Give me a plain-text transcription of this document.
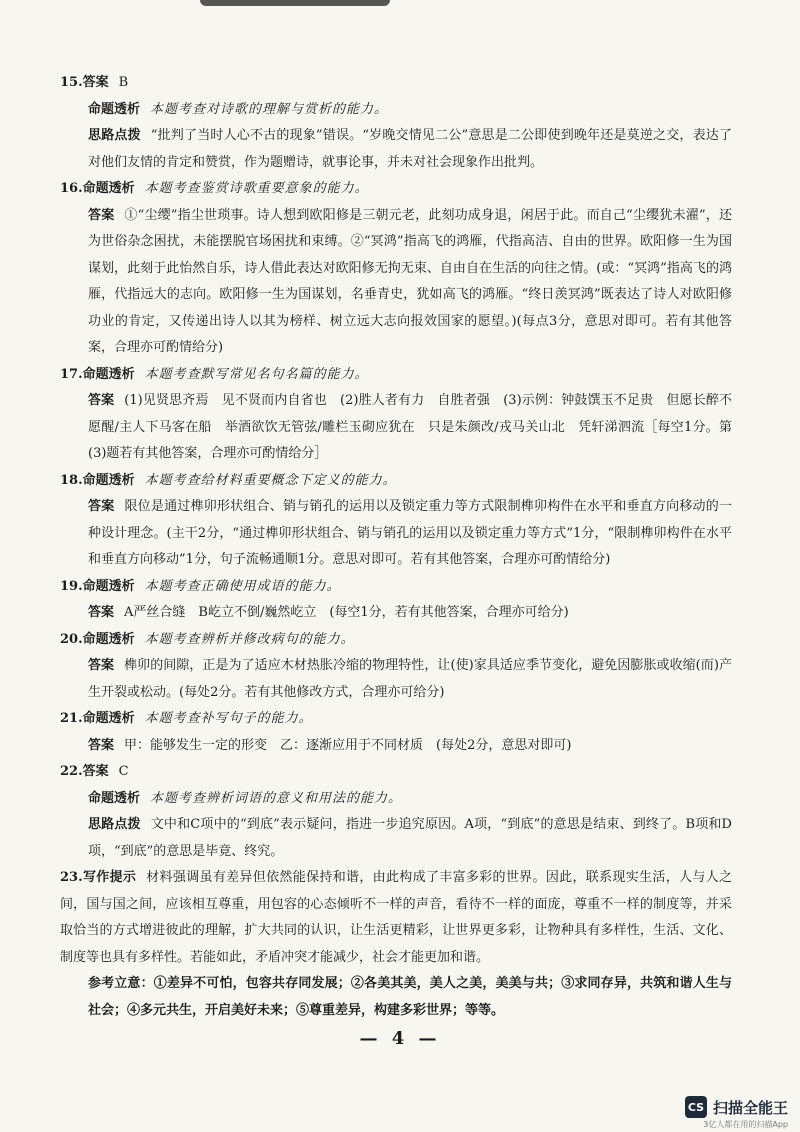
15.答案 B

命题透析 本题考查对诗歌的理解与赏析的能力。

思路点拨 “批判了当时人心不古的现象”错误。“岁晚交情见二公”意思是二公即使到晚年还是莫逆之交，表达了对他们友情的肯定和赞赏，作为题赠诗，就事论事，并未对社会现象作出批判。

16.命题透析 本题考查鉴赏诗歌重要意象的能力。

答案 ①“尘缨”指尘世琐事。诗人想到欧阳修是三朝元老，此刻功成身退，闲居于此。而自己“尘缨犹未濯”，还为世俗杂念困扰，未能摆脱官场困扰和束缚。②“冥鸿”指高飞的鸿雁，代指高洁、自由的世界。欧阳修一生为国谋划，此刻于此怡然自乐，诗人借此表达对欧阳修无拘无束、自由自在生活的向往之情。(或：“冥鸿”指高飞的鸿雁，代指远大的志向。欧阳修一生为国谋划，名垂青史，犹如高飞的鸿雁。“终日羡冥鸿”既表达了诗人对欧阳修功业的肯定，又传递出诗人以其为榜样、树立远大志向报效国家的愿望。)(每点3分，意思对即可。若有其他答案，合理亦可酌情给分)

17.命题透析 本题考查默写常见名句名篇的能力。

答案 (1)见贤思齐焉　见不贤而内自省也　(2)胜人者有力　自胜者强　(3)示例：钟鼓馔玉不足贵　但愿长醉不愿醒/主人下马客在船　举酒欲饮无管弦/雕栏玉砌应犹在　只是朱颜改/戎马关山北　凭轩涕泗流［每空1分。第(3)题若有其他答案，合理亦可酌情给分］

18.命题透析 本题考查给材料重要概念下定义的能力。

答案 限位是通过榫卯形状组合、销与销孔的运用以及锁定重力等方式限制榫卯构件在水平和垂直方向移动的一种设计理念。(主干2分，“通过榫卯形状组合、销与销孔的运用以及锁定重力等方式”1分，“限制榫卯构件在水平和垂直方向移动”1分，句子流畅通顺1分。意思对即可。若有其他答案，合理亦可酌情给分)

19.命题透析 本题考查正确使用成语的能力。

答案 A严丝合缝　B屹立不倒/巍然屹立　(每空1分，若有其他答案，合理亦可给分)

20.命题透析 本题考查辨析并修改病句的能力。

答案 榫卯的间隙，正是为了适应木材热胀冷缩的物理特性，让(使)家具适应季节变化，避免因膨胀或收缩(而)产生开裂或松动。(每处2分。若有其他修改方式，合理亦可给分)

21.命题透析 本题考查补写句子的能力。

答案 甲：能够发生一定的形变　乙：逐渐应用于不同材质　(每处2分，意思对即可)

22.答案 C

命题透析 本题考查辨析词语的意义和用法的能力。

思路点拨 文中和C项中的“到底”表示疑问，指进一步追究原因。A项，“到底”的意思是结束、到终了。B项和D项，“到底”的意思是毕竟、终究。

23.写作提示 材料强调虽有差异但依然能保持和谐，由此构成了丰富多彩的世界。因此，联系现实生活，人与人之间，国与国之间，应该相互尊重，用包容的心态倾听不一样的声音，看待不一样的面庞，尊重不一样的制度等，并采取恰当的方式增进彼此的理解，扩大共同的认识，让生活更精彩，让世界更多彩，让物种具有多样性，生活、文化、制度等也具有多样性。若能如此，矛盾冲突才能减少，社会才能更加和谐。

参考立意：①差异不可怕，包容共存同发展；②各美其美，美人之美，美美与共；③求同存异，共筑和谐人生与社会；④多元共生，开启美好未来；⑤尊重差异，构建多彩世界；等等。

— 4 —
CS 扫描全能王
3亿人都在用的扫描App
